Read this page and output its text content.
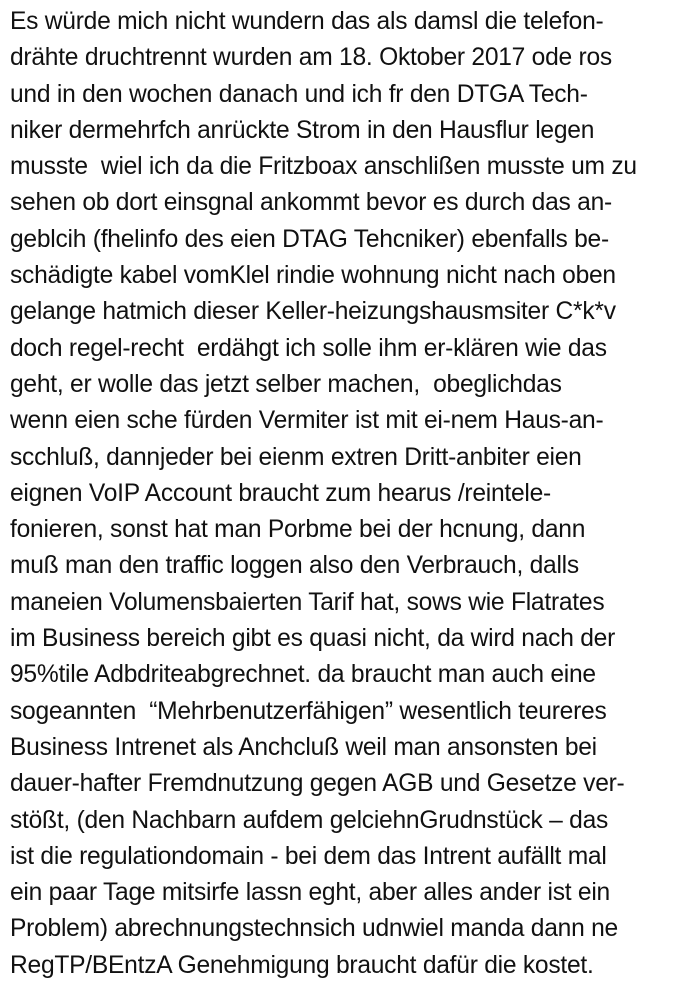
Es würde mich nicht wundern das als damsl die telefon-
drähte druchtrennt wurden am 18. Oktober 2017 ode ros
und in den wochen danach und ich fr den DTGA Tech-
niker dermehrfch anrückte Strom in den Hausflur legen
musste  wiel ich da die Fritzboax anschlißen musste um zu
sehen ob dort einsgnal ankommt bevor es durch das an-
geblcih (fhelinfo des eien DTAG Tehcniker) ebenfalls be-
schädigte kabel vomKlel rindie wohnung nicht nach oben
gelange hatmich dieser Keller-heizungshausmsiter C*k*v
doch regel-recht  erdähgt ich solle ihm er-klären wie das
geht, er wolle das jetzt selber machen,  obeglichdas
wenn eien sche fürden Vermiter ist mit ei-nem Haus-an-
scchluß, dannjeder bei eienm extren Dritt-anbiter eien
eignen VoIP Account braucht zum hearus /reintele-
fonieren, sonst hat man Porbme bei der hcnung, dann
muß man den traffic loggen also den Verbrauch, dalls
maneien Volumensbaierten Tarif hat, sows wie Flatrates
im Business bereich gibt es quasi nicht, da wird nach der
95%tile Adbdriteabgrechnet. da braucht man auch eine
sogeannten  “Mehrbenutzerfähigen” wesentlich teureres
Business Intrenet als Anchcluß weil man ansonsten bei
dauer-hafter Fremdnutzung gegen AGB und Gesetze ver-
stößt, (den Nachbarn aufdem gelciehnGrudnstück – das
ist die regulationdomain - bei dem das Intrent aufällt mal
ein paar Tage mitsirfe lassn eght, aber alles ander ist ein
Problem) abrechnungstechnsich udnwiel manda dann ne
RegTP/BEntzA Genehmigung braucht dafür die kostet.
